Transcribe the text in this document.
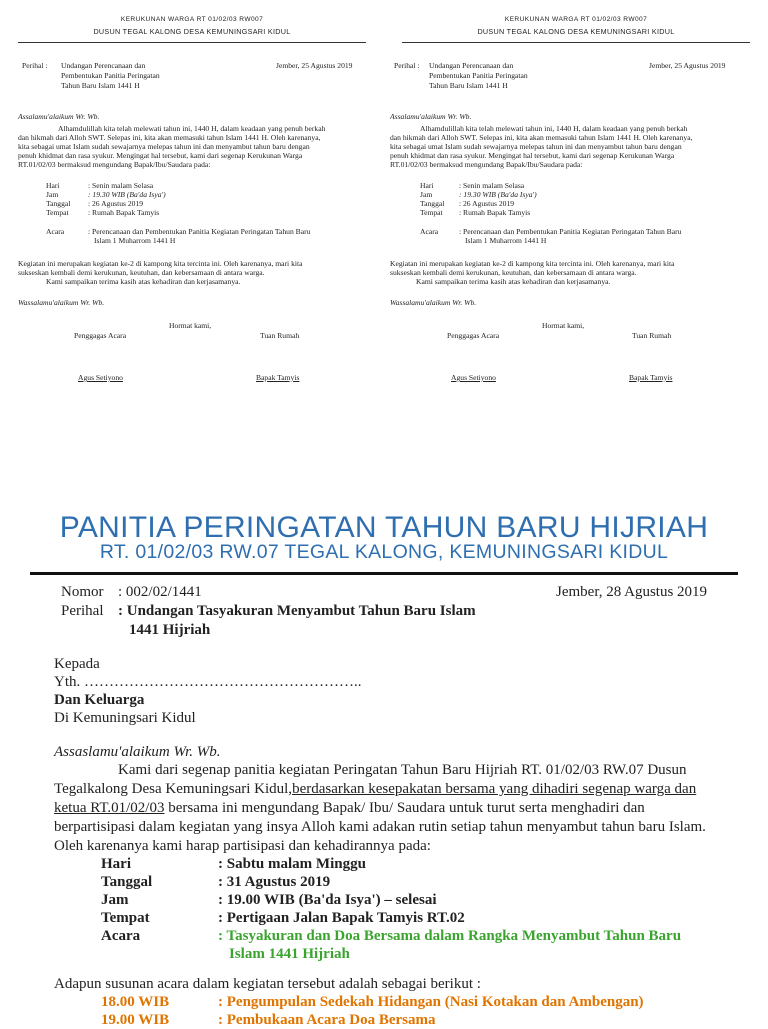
KERUKUNAN WARGA RT 01/02/03 RW007
DUSUN TEGAL KALONG DESA KEMUNINGSARI KIDUL
Perihal : Undangan Perencanaan dan
Pembentukan Panitia Peringatan
Tahun Baru Islam 1441 H
Jember, 25 Agustus 2019
Assalamu'alaikum Wr. Wb.
Alhamdulillah kita telah melewati tahun ini, 1440 H, dalam keadaan yang penuh berkah
dan hikmah dari Alloh SWT. Selepas ini, kita akan memasuki tahun Islam 1441 H. Oleh karenanya,
kita sebagai umat Islam sudah sewajarnya melepas tahun ini dan menyambut tahun baru dengan
penuh khidmat dan rasa syukur. Mengingat hal tersebut, kami dari segenap Kerukunan Warga
RT.01/02/03 bermaksud mengundang Bapak/Ibu/Saudara pada:
Hari	: Senin malam Selasa
Jam	: 19.30 WIB (Ba'da Isya')
Tanggal : 26 Agustus 2019
Tempat	: Rumah Bapak Tamyis
Acara	: Perencanaan dan Pembentukan Panitia Kegiatan Peringatan Tahun Baru
Islam 1 Muharrom 1441 H
Kegiatan ini merupakan kegiatan ke-2 di kampong kita tercinta ini. Oleh karenanya, mari kita
sukseskan kembali demi kerukunan, keutuhan, dan kebersamaan di antara warga.
Kami sampaikan terima kasih atas kehadiran dan kerjasamanya.
Wassalamu'alaikum Wr. Wb.
Hormat kami,
Penggagas Acara	Tuan Rumah
Agus Setiyono	Bapak Tamyis
KERUKUNAN WARGA RT 01/02/03 RW007
DUSUN TEGAL KALONG DESA KEMUNINGSARI KIDUL
Perihal : Undangan Perencanaan dan
Pembentukan Panitia Peringatan
Tahun Baru Islam 1441 H
Jember, 25 Agustus 2019
Assalamu'alaikum Wr. Wb.
Alhamdulillah kita telah melewati tahun ini, 1440 H, dalam keadaan yang penuh berkah
dan hikmah dari Alloh SWT. Selepas ini, kita akan memasuki tahun Islam 1441 H. Oleh karenanya,
kita sebagai umat Islam sudah sewajarnya melepas tahun ini dan menyambut tahun baru dengan
penuh khidmat dan rasa syukur. Mengingat hal tersebut, kami dari segenap Kerukunan Warga
RT.01/02/03 bermaksud mengundang Bapak/Ibu/Saudara pada:
Hari	: Senin malam Selasa
Jam	: 19.30 WIB (Ba'da Isya')
Tanggal : 26 Agustus 2019
Tempat : Rumah Bapak Tamyis
Acara	: Perencanaan dan Pembentukan Panitia Kegiatan Peringatan Tahun Baru
Islam 1 Muharrom 1441 H
Kegiatan ini merupakan kegiatan ke-2 di kampong kita tercinta ini. Oleh karenanya, mari kita
sukseskan kembali demi kerukunan, keutuhan, dan kebersamaan di antara warga.
Kami sampaikan terima kasih atas kehadiran dan kerjasamanya.
Wassalamu'alaikum Wr. Wb.
Hormat kami,
Penggagas Acara	Tuan Rumah
Agus Setiyono	Bapak Tamyis
PANITIA PERINGATAN TAHUN BARU HIJRIAH
RT. 01/02/03 RW.07 TEGAL KALONG, KEMUNINGSARI KIDUL
Nomor : 002/02/1441	Jember, 28 Agustus 2019
Perihal : Undangan Tasyakuran Menyambut Tahun Baru Islam
1441 Hijriah
Kepada
Yth. ………………………………………………..
Dan Keluarga
Di Kemuningsari Kidul
Assaslamu'alaikum Wr. Wb.
Kami dari segenap panitia kegiatan Peringatan Tahun Baru Hijriah RT. 01/02/03 RW.07 Dusun
Tegalkalong Desa Kemuningsari Kidul,berdasarkan kesepakatan bersama yang dihadiri segenap warga dan
ketua RT.01/02/03 bersama ini mengundang Bapak/ Ibu/ Saudara untuk turut serta menghadiri dan
berpartisipasi dalam kegiatan yang insya Alloh kami adakan rutin setiap tahun menyambut tahun baru Islam.
Oleh karenanya kami harap partisipasi dan kehadirannya pada:
Hari	: Sabtu malam Minggu
Tanggal	: 31 Agustus 2019
Jam	: 19.00 WIB (Ba'da Isya') – selesai
Tempat	: Pertigaan Jalan Bapak Tamyis RT.02
Acara	: Tasyakuran dan Doa Bersama dalam Rangka Menyambut Tahun Baru
Islam 1441 Hijriah
Adapun susunan acara dalam kegiatan tersebut adalah sebagai berikut :
18.00 WIB	: Pengumpulan Sedekah Hidangan (Nasi Kotakan dan Ambengan)
19.00 WIB	: Pembukaan Acara Doa Bersama
